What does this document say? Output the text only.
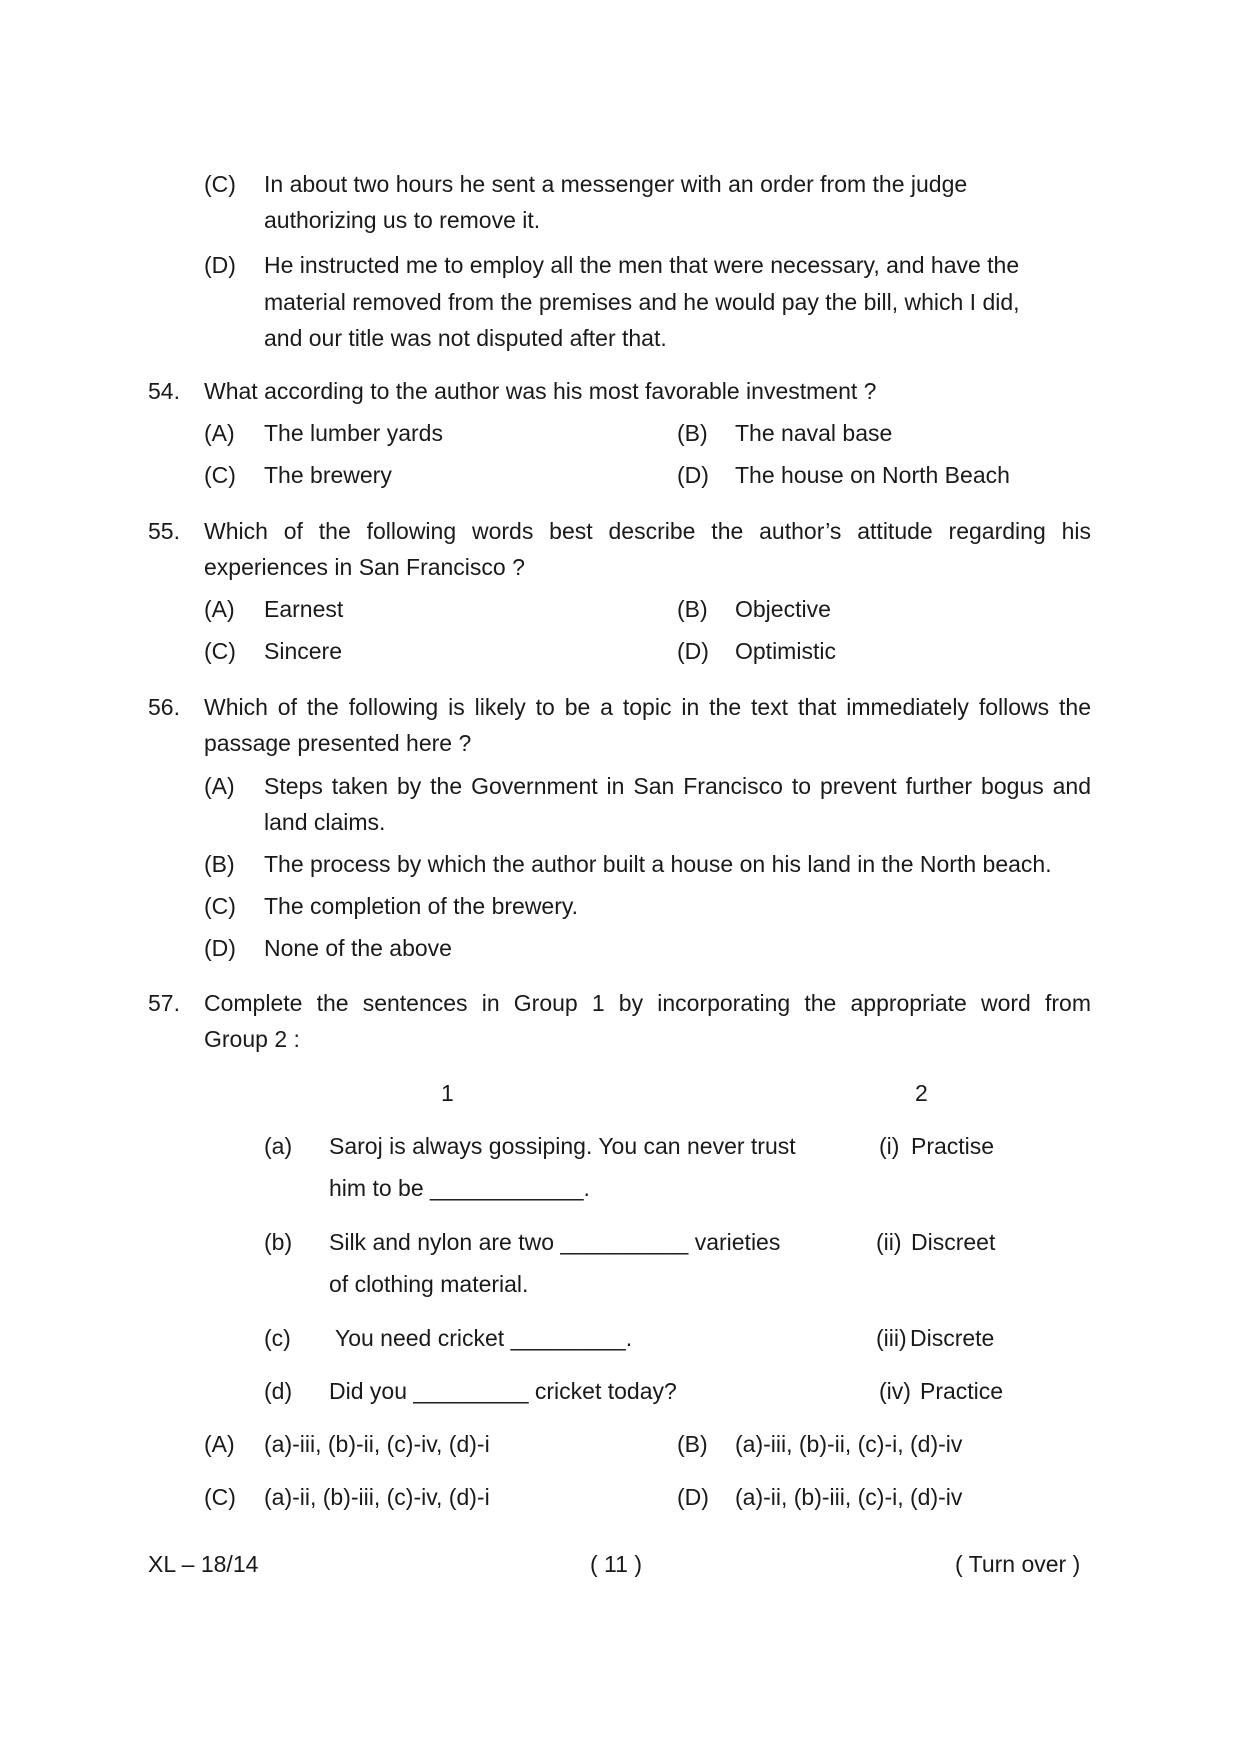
(C) In about two hours he sent a messenger with an order from the judge
authorizing us to remove it.
(D) He instructed me to employ all the men that were necessary, and have the
material removed from the premises and he would pay the bill, which I did,
and our title was not disputed after that.
54. What according to the author was his most favorable investment ?
(A) The lumber yards	(B) The naval base
(C) The brewery	(D) The house on North Beach
55. Which of the following words best describe the author’s attitude regarding his
experiences in San Francisco ?
(A) Earnest	(B) Objective
(C) Sincere	(D) Optimistic
56. Which of the following is likely to be a topic in the text that immediately follows the
passage presented here ?
(A) Steps taken by the Government in San Francisco to prevent further bogus and
land claims.
(B) The process by which the author built a house on his land in the North beach.
(C) The completion of the brewery.
(D) None of the above
57. Complete the sentences in Group 1 by incorporating the appropriate word from
Group 2 :
1	2
(a) Saroj is always gossiping. You can never trust
him to be ____________.
(i) Practise
(b) Silk and nylon are two __________ varieties
of clothing material.
(ii) Discreet
(c) You need cricket _________.	(iii) Discrete
(d) Did you _________ cricket today?	(iv) Practice
(A) (a)-iii, (b)-ii, (c)-iv, (d)-i	(B) (a)-iii, (b)-ii, (c)-i, (d)-iv
(C) (a)-ii, (b)-iii, (c)-iv, (d)-i	(D) (a)-ii, (b)-iii, (c)-i, (d)-iv
XL – 18/14	( 11 )	( Turn over )
